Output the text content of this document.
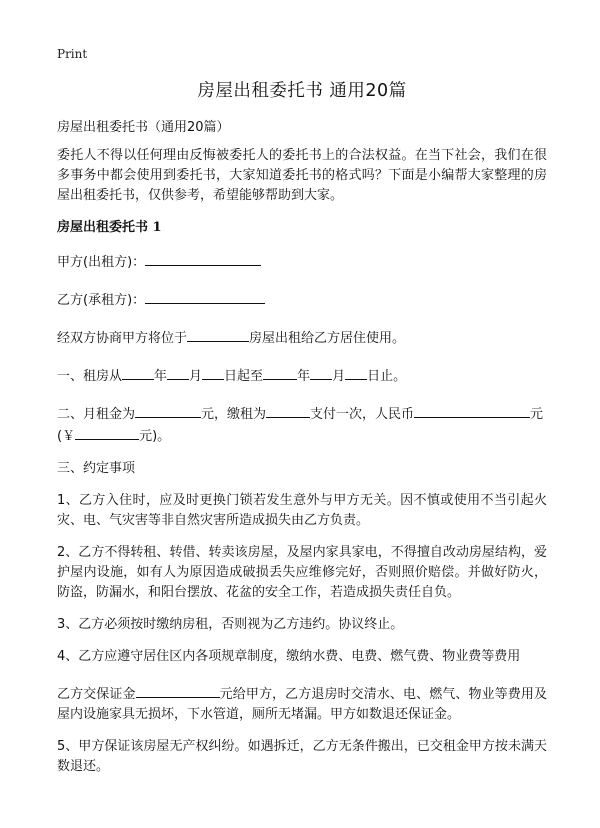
Print
房屋出租委托书 通用20篇
房屋出租委托书（通用20篇）

委托人不得以任何理由反悔被委托人的委托书上的合法权益。在当下社会，我们在很多事务中都会使用到委托书，大家知道委托书的格式吗？下面是小编帮大家整理的房屋出租委托书，仅供参考，希望能够帮助到大家。

房屋出租委托书 1

甲方(出租方)：

乙方(承租方)：

经双方协商甲方将位于	房屋出租给乙方居住使用。

一、租房从 年 月 日起至	年 月 日止。

二、月租金为	元，缴租为	支付一次，人民币	元
(￥	元)。

三、约定事项

1、乙方入住时，应及时更换门锁若发生意外与甲方无关。因不慎或使用不当引起火灾、电、气灾害等非自然灾害所造成损失由乙方负责。

2、乙方不得转租、转借、转卖该房屋，及屋内家具家电，不得擅自改动房屋结构，爱护屋内设施，如有人为原因造成破损丢失应维修完好，否则照价赔偿。并做好防火，防盗，防漏水，和阳台摆放、花盆的安全工作，若造成损失责任自负。

3、乙方必须按时缴纳房租，否则视为乙方违约。协议终止。

4、乙方应遵守居住区内各项规章制度，缴纳水费、电费、燃气费、物业费等费用

乙方交保证金	元给甲方，乙方退房时交清水、电、燃气、物业等费用及屋内设施家具无损坏，下水管道，厕所无堵漏。甲方如数退还保证金。

5、甲方保证该房屋无产权纠纷。如遇拆迁，乙方无条件搬出，已交租金甲方按未满天数退还。
